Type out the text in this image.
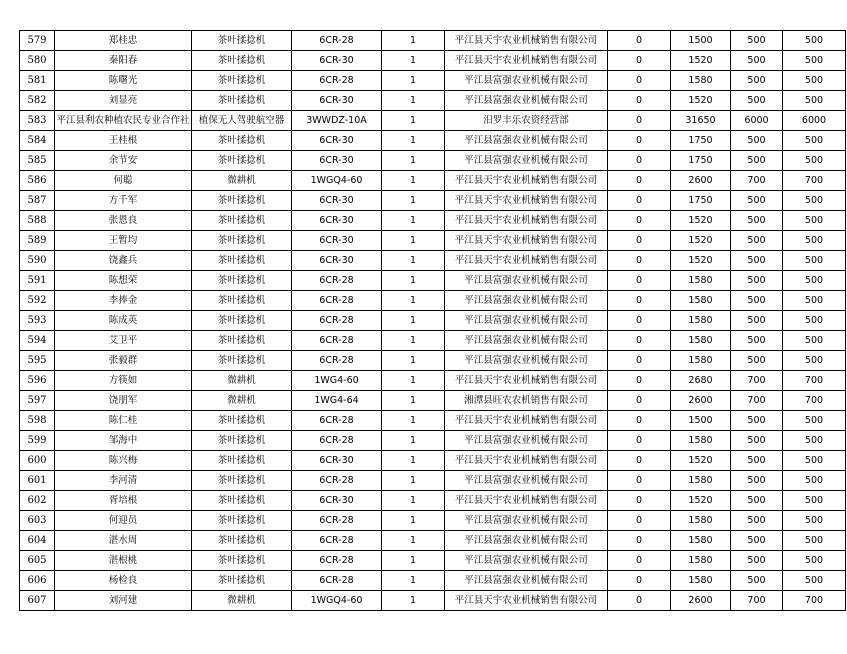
579	郑桂忠	茶叶揉捻机	6CR-28	1	平江县天宇农业机械销售有限公司	0	1500	500	500
580	秦阳春	茶叶揉捻机	6CR-30	1	平江县天宇农业机械销售有限公司	0	1520	500	500
581	陈曙光	茶叶揉捻机	6CR-28	1	平江县富强农业机械有限公司	0	1580	500	500
582	刘显亮	茶叶揉捻机	6CR-30	1	平江县富强农业机械有限公司	0	1520	500	500
583	平江县利农种植农民专业合作社	植保无人驾驶航空器	3WWDZ-10A	1	汨罗丰乐农资经营部	0	31650	6000	6000
584	王桂根	茶叶揉捻机	6CR-30	1	平江县富强农业机械有限公司	0	1750	500	500
585	余节安	茶叶揉捻机	6CR-30	1	平江县富强农业机械有限公司	0	1750	500	500
586	何聪	微耕机	1WGQ4-60	1	平江县天宇农业机械销售有限公司	0	2600	700	700
587	方千军	茶叶揉捻机	6CR-30	1	平江县天宇农业机械销售有限公司	0	1750	500	500
588	张恩良	茶叶揉捻机	6CR-30	1	平江县天宇农业机械销售有限公司	0	1520	500	500
589	王暂均	茶叶揉捻机	6CR-30	1	平江县天宇农业机械销售有限公司	0	1520	500	500
590	饶鑫兵	茶叶揉捻机	6CR-30	1	平江县天宇农业机械销售有限公司	0	1520	500	500
591	陈想荣	茶叶揉捻机	6CR-28	1	平江县富强农业机械有限公司	0	1580	500	500
592	李捧金	茶叶揉捻机	6CR-28	1	平江县富强农业机械有限公司	0	1580	500	500
593	陈成英	茶叶揉捻机	6CR-28	1	平江县富强农业机械有限公司	0	1580	500	500
594	艾卫平	茶叶揉捻机	6CR-28	1	平江县富强农业机械有限公司	0	1580	500	500
595	张毅群	茶叶揉捻机	6CR-28	1	平江县富强农业机械有限公司	0	1580	500	500
596	方筷如	微耕机	1WG4-60	1	平江县天宇农业机械销售有限公司	0	2680	700	700
597	饶朋军	微耕机	1WG4-64	1	湘潭县旺农农机销售有限公司	0	2600	700	700
598	陈仁桂	茶叶揉捻机	6CR-28	1	平江县天宇农业机械销售有限公司	0	1500	500	500
599	邹海中	茶叶揉捻机	6CR-28	1	平江县富强农业机械有限公司	0	1580	500	500
600	陈兴梅	茶叶揉捻机	6CR-30	1	平江县天宇农业机械销售有限公司	0	1520	500	500
601	李河清	茶叶揉捻机	6CR-28	1	平江县富强农业机械有限公司	0	1580	500	500
602	胥培根	茶叶揉捻机	6CR-30	1	平江县天宇农业机械销售有限公司	0	1520	500	500
603	何迎员	茶叶揉捻机	6CR-28	1	平江县富强农业机械有限公司	0	1580	500	500
604	湛水周	茶叶揉捻机	6CR-28	1	平江县富强农业机械有限公司	0	1580	500	500
605	湛根桃	茶叶揉捻机	6CR-28	1	平江县富强农业机械有限公司	0	1580	500	500
606	杨检良	茶叶揉捻机	6CR-28	1	平江县富强农业机械有限公司	0	1580	500	500
607	刘河建	微耕机	1WGQ4-60	1	平江县天宇农业机械销售有限公司	0	2600	700	700
